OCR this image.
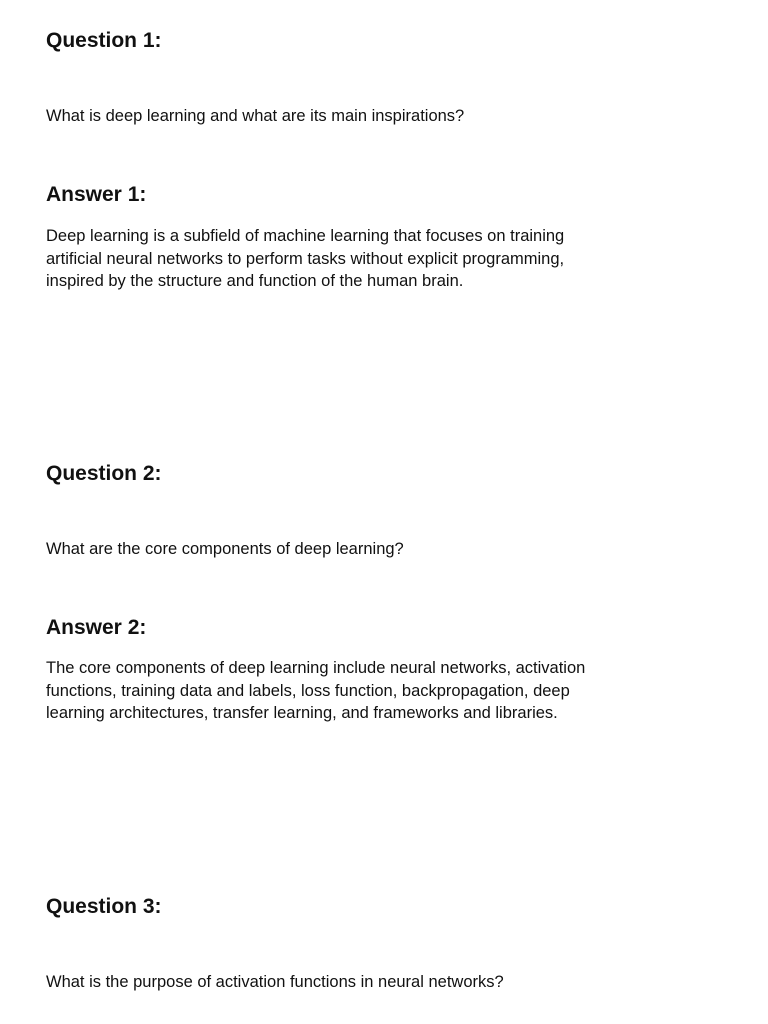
Question 1:

What is deep learning and what are its main inspirations?

Answer 1:

Deep learning is a subfield of machine learning that focuses on training artificial neural networks to perform tasks without explicit programming, inspired by the structure and function of the human brain.

Question 2:

What are the core components of deep learning?

Answer 2:

The core components of deep learning include neural networks, activation functions, training data and labels, loss function, backpropagation, deep learning architectures, transfer learning, and frameworks and libraries.

Question 3:

What is the purpose of activation functions in neural networks?
